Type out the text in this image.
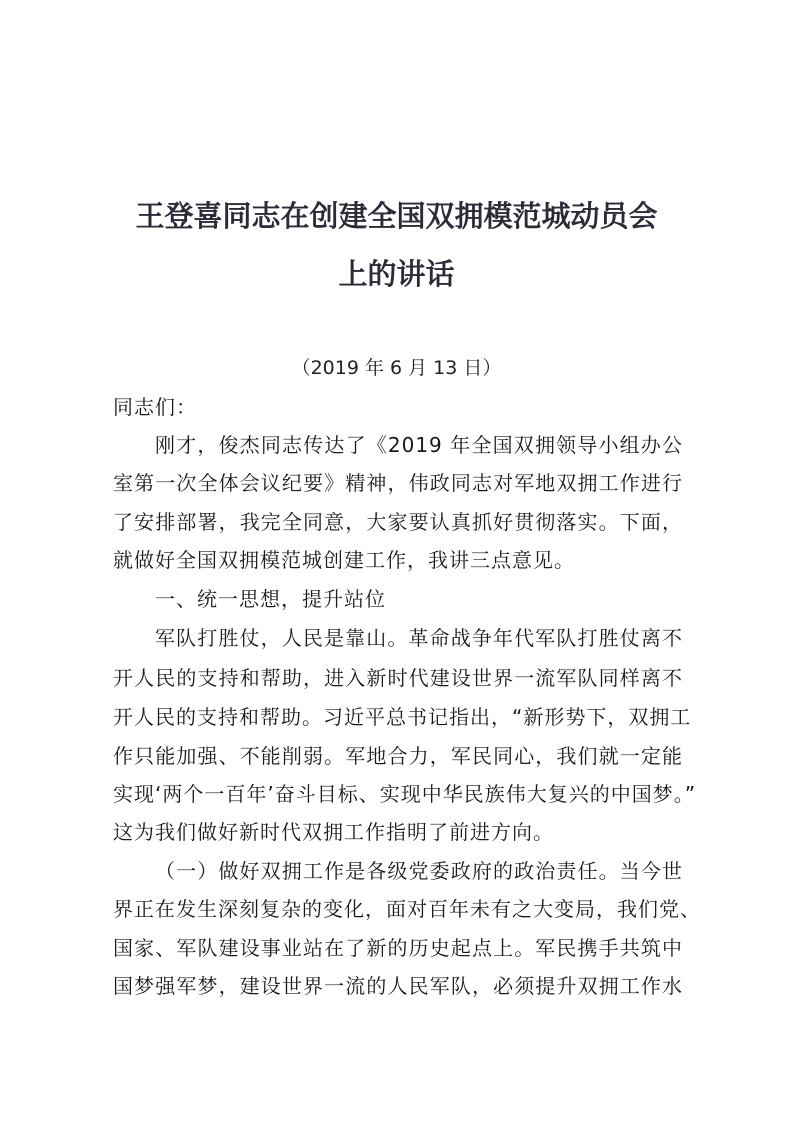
王登喜同志在创建全国双拥模范城动员会
上的讲话
（2019 年 6 月 13 日）
同志们：
刚才，俊杰同志传达了《2019 年全国双拥领导小组办公
室第一次全体会议纪要》精神，伟政同志对军地双拥工作进行
了安排部署，我完全同意，大家要认真抓好贯彻落实。下面，
就做好全国双拥模范城创建工作，我讲三点意见。
一、统一思想，提升站位
军队打胜仗，人民是靠山。革命战争年代军队打胜仗离不
开人民的支持和帮助，进入新时代建设世界一流军队同样离不
开人民的支持和帮助。习近平总书记指出，“新形势下，双拥工
作只能加强、不能削弱。军地合力，军民同心，我们就一定能
实现‘两个一百年’奋斗目标、实现中华民族伟大复兴的中国梦。”
这为我们做好新时代双拥工作指明了前进方向。
（一）做好双拥工作是各级党委政府的政治责任。当今世
界正在发生深刻复杂的变化，面对百年未有之大变局，我们党、
国家、军队建设事业站在了新的历史起点上。军民携手共筑中
国梦强军梦，建设世界一流的人民军队，必须提升双拥工作水
